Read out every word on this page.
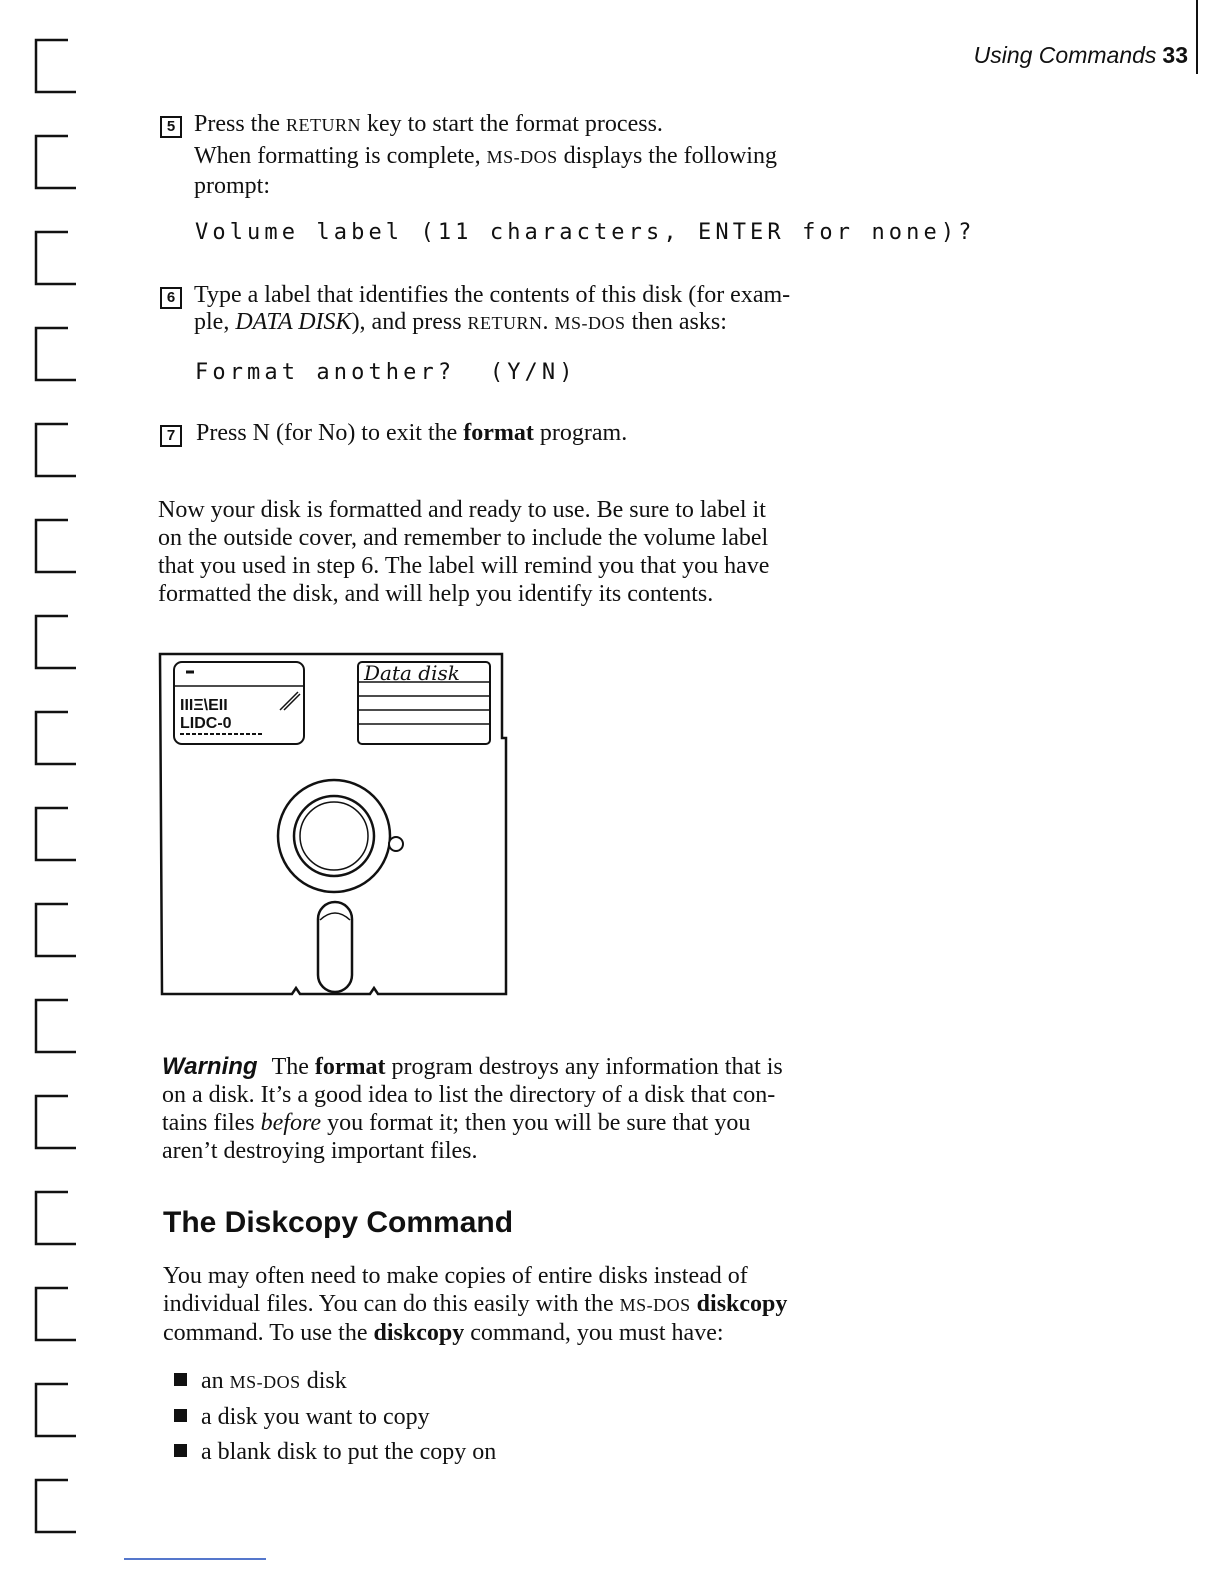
Using Commands 33
5 Press the RETURN key to start the format process.
When formatting is complete, MS-DOS displays the following
prompt:
Volume label (11 characters, ENTER for none)?
6 Type a label that identifies the contents of this disk (for exam-
ple, DATA DISK), and press RETURN. MS-DOS then asks:
Format another?  (Y/N)
7 Press N (for No) to exit the format program.
Now your disk is formatted and ready to use. Be sure to label it
on the outside cover, and remember to include the volume label
that you used in step 6. The label will remind you that you have
formatted the disk, and will help you identify its contents.
IIIΞ\EII
LIDC-0
Data disk
Warning The format program destroys any information that is
on a disk. It’s a good idea to list the directory of a disk that con-
tains files before you format it; then you will be sure that you
aren’t destroying important files.
The Diskcopy Command
You may often need to make copies of entire disks instead of
individual files. You can do this easily with the MS-DOS diskcopy
command. To use the diskcopy command, you must have:
an MS-DOS disk
a disk you want to copy
a blank disk to put the copy on
